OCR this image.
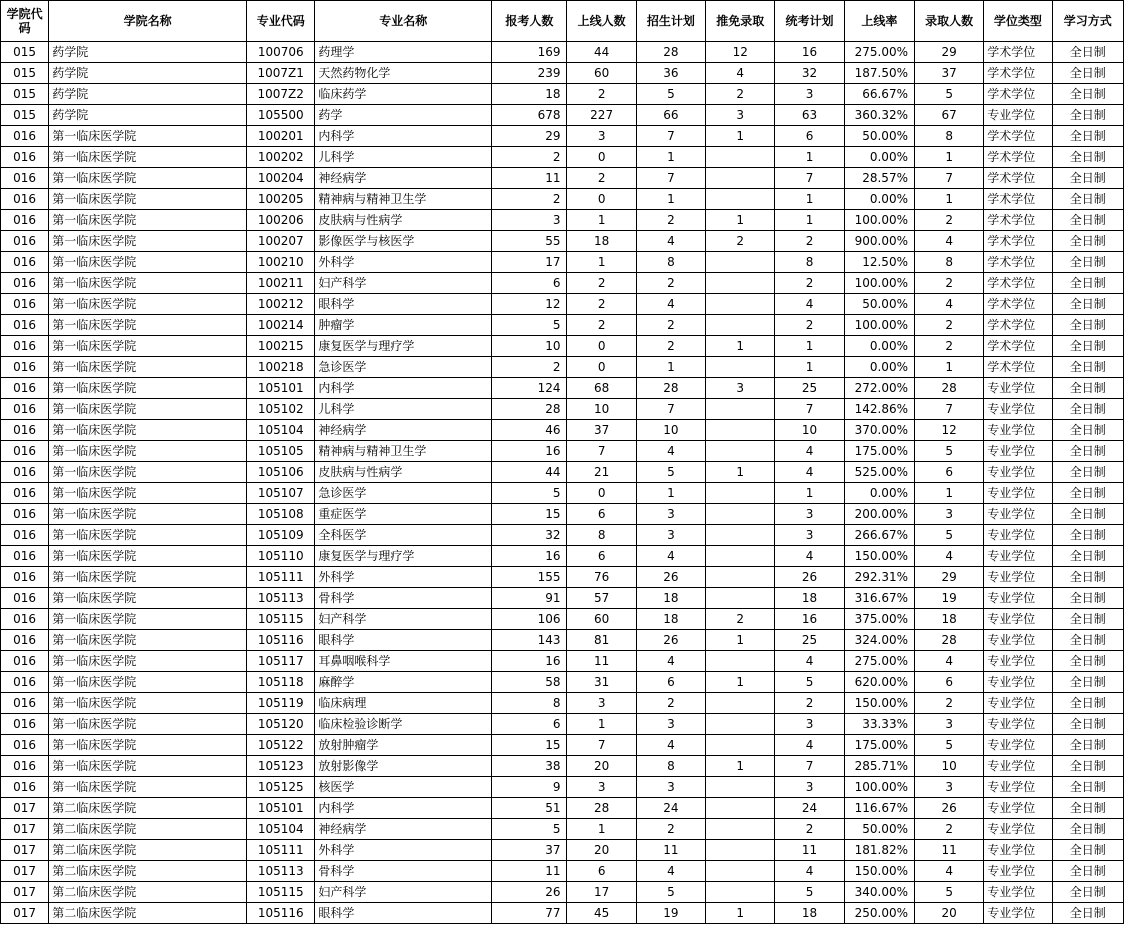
学院代码	学院名称	专业代码	专业名称	报考人数	上线人数	招生计划	推免录取	统考计划	上线率	录取人数	学位类型	学习方式
015	药学院	100706	药理学	169	44	28	12	16	275.00%	29	学术学位	全日制
015	药学院	1007Z1	天然药物化学	239	60	36	4	32	187.50%	37	学术学位	全日制
015	药学院	1007Z2	临床药学	18	2	5	2	3	66.67%	5	学术学位	全日制
015	药学院	105500	药学	678	227	66	3	63	360.32%	67	专业学位	全日制
016	第一临床医学院	100201	内科学	29	3	7	1	6	50.00%	8	学术学位	全日制
016	第一临床医学院	100202	儿科学	2	0	1		1	0.00%	1	学术学位	全日制
016	第一临床医学院	100204	神经病学	11	2	7		7	28.57%	7	学术学位	全日制
016	第一临床医学院	100205	精神病与精神卫生学	2	0	1		1	0.00%	1	学术学位	全日制
016	第一临床医学院	100206	皮肤病与性病学	3	1	2	1	1	100.00%	2	学术学位	全日制
016	第一临床医学院	100207	影像医学与核医学	55	18	4	2	2	900.00%	4	学术学位	全日制
016	第一临床医学院	100210	外科学	17	1	8		8	12.50%	8	学术学位	全日制
016	第一临床医学院	100211	妇产科学	6	2	2		2	100.00%	2	学术学位	全日制
016	第一临床医学院	100212	眼科学	12	2	4		4	50.00%	4	学术学位	全日制
016	第一临床医学院	100214	肿瘤学	5	2	2		2	100.00%	2	学术学位	全日制
016	第一临床医学院	100215	康复医学与理疗学	10	0	2	1	1	0.00%	2	学术学位	全日制
016	第一临床医学院	100218	急诊医学	2	0	1		1	0.00%	1	学术学位	全日制
016	第一临床医学院	105101	内科学	124	68	28	3	25	272.00%	28	专业学位	全日制
016	第一临床医学院	105102	儿科学	28	10	7		7	142.86%	7	专业学位	全日制
016	第一临床医学院	105104	神经病学	46	37	10		10	370.00%	12	专业学位	全日制
016	第一临床医学院	105105	精神病与精神卫生学	16	7	4		4	175.00%	5	专业学位	全日制
016	第一临床医学院	105106	皮肤病与性病学	44	21	5	1	4	525.00%	6	专业学位	全日制
016	第一临床医学院	105107	急诊医学	5	0	1		1	0.00%	1	专业学位	全日制
016	第一临床医学院	105108	重症医学	15	6	3		3	200.00%	3	专业学位	全日制
016	第一临床医学院	105109	全科医学	32	8	3		3	266.67%	5	专业学位	全日制
016	第一临床医学院	105110	康复医学与理疗学	16	6	4		4	150.00%	4	专业学位	全日制
016	第一临床医学院	105111	外科学	155	76	26		26	292.31%	29	专业学位	全日制
016	第一临床医学院	105113	骨科学	91	57	18		18	316.67%	19	专业学位	全日制
016	第一临床医学院	105115	妇产科学	106	60	18	2	16	375.00%	18	专业学位	全日制
016	第一临床医学院	105116	眼科学	143	81	26	1	25	324.00%	28	专业学位	全日制
016	第一临床医学院	105117	耳鼻咽喉科学	16	11	4		4	275.00%	4	专业学位	全日制
016	第一临床医学院	105118	麻醉学	58	31	6	1	5	620.00%	6	专业学位	全日制
016	第一临床医学院	105119	临床病理	8	3	2		2	150.00%	2	专业学位	全日制
016	第一临床医学院	105120	临床检验诊断学	6	1	3		3	33.33%	3	专业学位	全日制
016	第一临床医学院	105122	放射肿瘤学	15	7	4		4	175.00%	5	专业学位	全日制
016	第一临床医学院	105123	放射影像学	38	20	8	1	7	285.71%	10	专业学位	全日制
016	第一临床医学院	105125	核医学	9	3	3		3	100.00%	3	专业学位	全日制
017	第二临床医学院	105101	内科学	51	28	24		24	116.67%	26	专业学位	全日制
017	第二临床医学院	105104	神经病学	5	1	2		2	50.00%	2	专业学位	全日制
017	第二临床医学院	105111	外科学	37	20	11		11	181.82%	11	专业学位	全日制
017	第二临床医学院	105113	骨科学	11	6	4		4	150.00%	4	专业学位	全日制
017	第二临床医学院	105115	妇产科学	26	17	5		5	340.00%	5	专业学位	全日制
017	第二临床医学院	105116	眼科学	77	45	19	1	18	250.00%	20	专业学位	全日制
